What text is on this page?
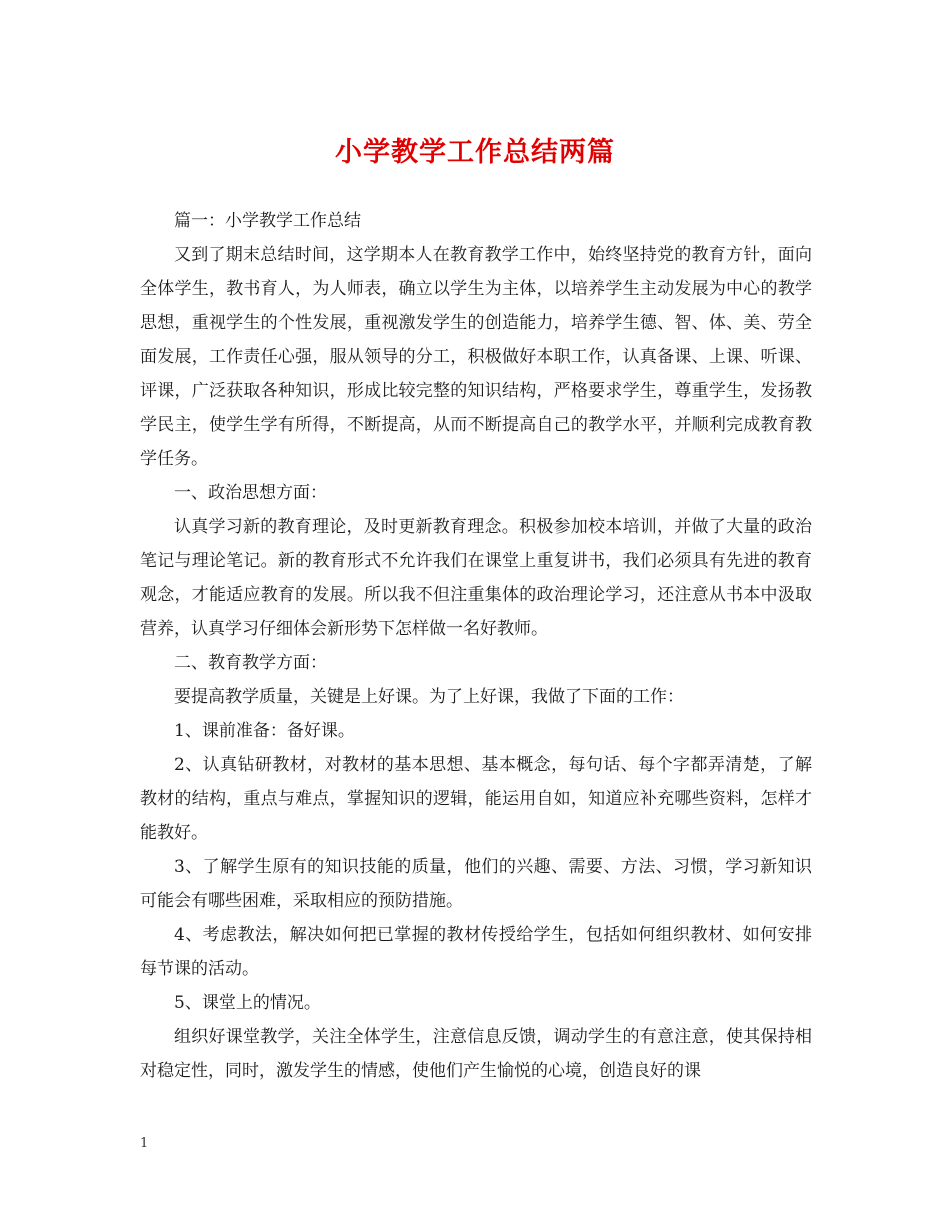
小学教学工作总结两篇

篇一：小学教学工作总结

又到了期末总结时间，这学期本人在教育教学工作中，始终坚持党的教育方针，面向全体学生，教书育人，为人师表，确立以学生为主体，以培养学生主动发展为中心的教学思想，重视学生的个性发展，重视激发学生的创造能力，培养学生德、智、体、美、劳全面发展，工作责任心强，服从领导的分工，积极做好本职工作，认真备课、上课、听课、评课，广泛获取各种知识，形成比较完整的知识结构，严格要求学生，尊重学生，发扬教学民主，使学生学有所得，不断提高，从而不断提高自己的教学水平，并顺利完成教育教学任务。

一、政治思想方面：

认真学习新的教育理论，及时更新教育理念。积极参加校本培训，并做了大量的政治笔记与理论笔记。新的教育形式不允许我们在课堂上重复讲书，我们必须具有先进的教育观念，才能适应教育的发展。所以我不但注重集体的政治理论学习，还注意从书本中汲取营养，认真学习仔细体会新形势下怎样做一名好教师。

二、教育教学方面：

要提高教学质量，关键是上好课。为了上好课，我做了下面的工作：

1、课前准备：备好课。

2、认真钻研教材，对教材的基本思想、基本概念，每句话、每个字都弄清楚，了解教材的结构，重点与难点，掌握知识的逻辑，能运用自如，知道应补充哪些资料，怎样才能教好。

3、了解学生原有的知识技能的质量，他们的兴趣、需要、方法、习惯，学习新知识可能会有哪些困难，采取相应的预防措施。

4、考虑教法，解决如何把已掌握的教材传授给学生，包括如何组织教材、如何安排每节课的活动。

5、课堂上的情况。

组织好课堂教学，关注全体学生，注意信息反馈，调动学生的有意注意，使其保持相对稳定性，同时，激发学生的情感，使他们产生愉悦的心境，创造良好的课

1
